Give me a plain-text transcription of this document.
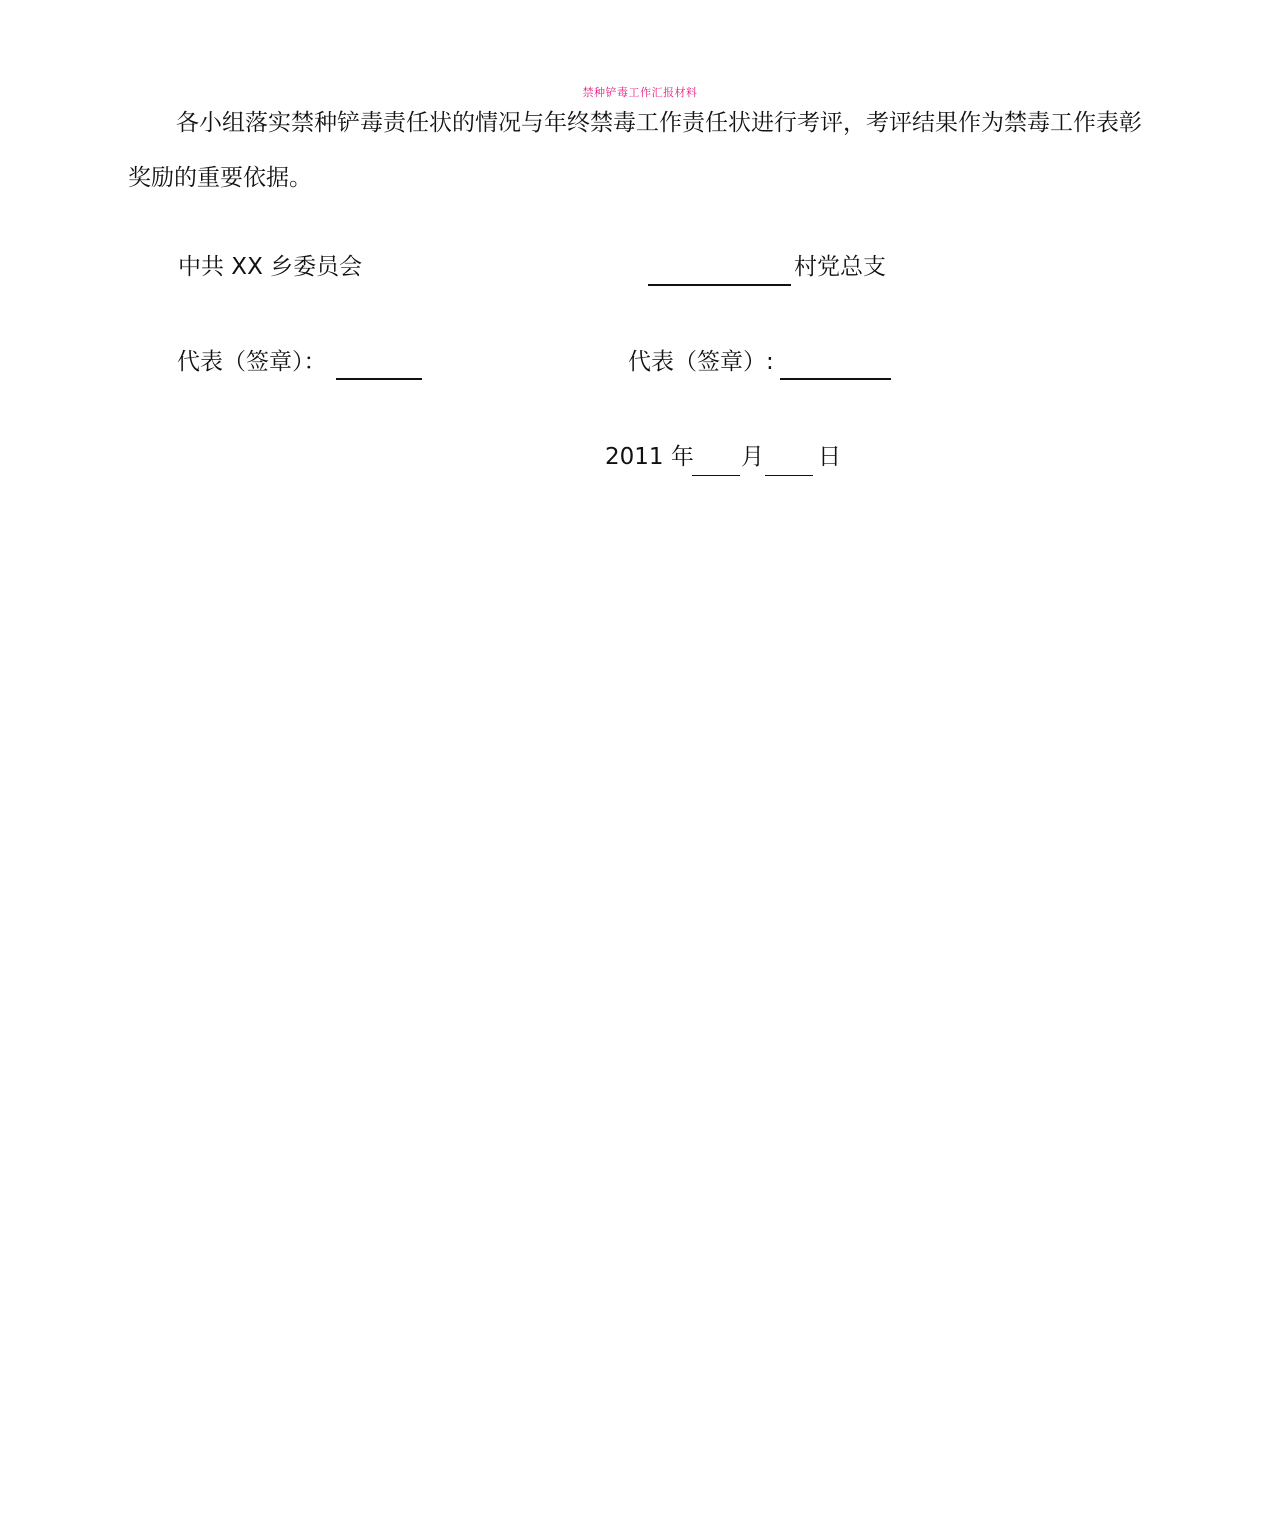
禁种铲毒工作汇报材料

各小组落实禁种铲毒责任状的情况与年终禁毒工作责任状进行考评，考评结果作为禁毒工作表彰奖励的重要依据。

中共 XX 乡委员会	村党总支
代表（签章）：	代表（签章）:
2011 年 月 日
